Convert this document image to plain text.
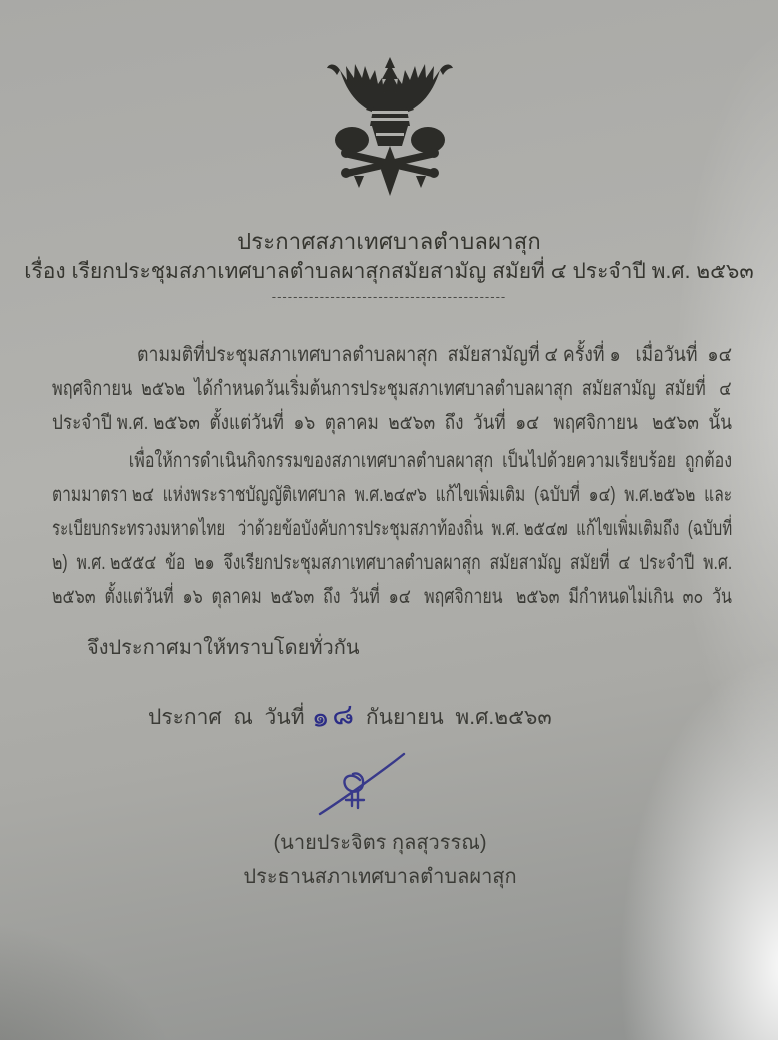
ประกาศสภาเทศบาลตำบลผาสุก
เรื่อง เรียกประชุมสภาเทศบาลตำบลผาสุกสมัยสามัญ สมัยที่ ๔ ประจำปี พ.ศ. ๒๕๖๓
--------------------------------------------
ตามมติที่ประชุมสภาเทศบาลตำบลผาสุก  สมัยสามัญที่ ๔ ครั้งที่ ๑   เมื่อวันที่  ๑๔
พฤศจิกายน  ๒๕๖๒  ได้กำหนดวันเริ่มต้นการประชุมสภาเทศบาลตำบลผาสุก  สมัยสามัญ  สมัยที่   ๔
ประจำปี พ.ศ. ๒๕๖๓  ตั้งแต่วันที่  ๑๖  ตุลาคม  ๒๕๖๓  ถึง  วันที่  ๑๔   พฤศจิกายน   ๒๕๖๓  นั้น
เพื่อให้การดำเนินกิจกรรมของสภาเทศบาลตำบลผาสุก  เป็นไปด้วยความเรียบร้อย  ถูกต้อง
ตามมาตรา ๒๔  แห่งพระราชบัญญัติเทศบาล  พ.ศ.๒๔๙๖  แก้ไขเพิ่มเติม  (ฉบับที่  ๑๔)  พ.ศ.๒๕๖๒  และ
ระเบียบกระทรวงมหาดไทย   ว่าด้วยข้อบังคับการประชุมสภาท้องถิ่น  พ.ศ. ๒๕๔๗  แก้ไขเพิ่มเติมถึง  (ฉบับที่
๒)  พ.ศ. ๒๕๕๔  ข้อ  ๒๑  จึงเรียกประชุมสภาเทศบาลตำบลผาสุก  สมัยสามัญ  สมัยที่  ๔  ประจำปี  พ.ศ.
๒๕๖๓  ตั้งแต่วันที่  ๑๖  ตุลาคม  ๒๕๖๓  ถึง  วันที่  ๑๔   พฤศจิกายน   ๒๕๖๓  มีกำหนดไม่เกิน  ๓๐  วัน
จึงประกาศมาให้ทราบโดยทั่วกัน
ประกาศ  ณ  วันที่ ๑๘ กันยายน  พ.ศ.๒๕๖๓
(นายประจิตร กุลสุวรรณ)
ประธานสภาเทศบาลตำบลผาสุก
